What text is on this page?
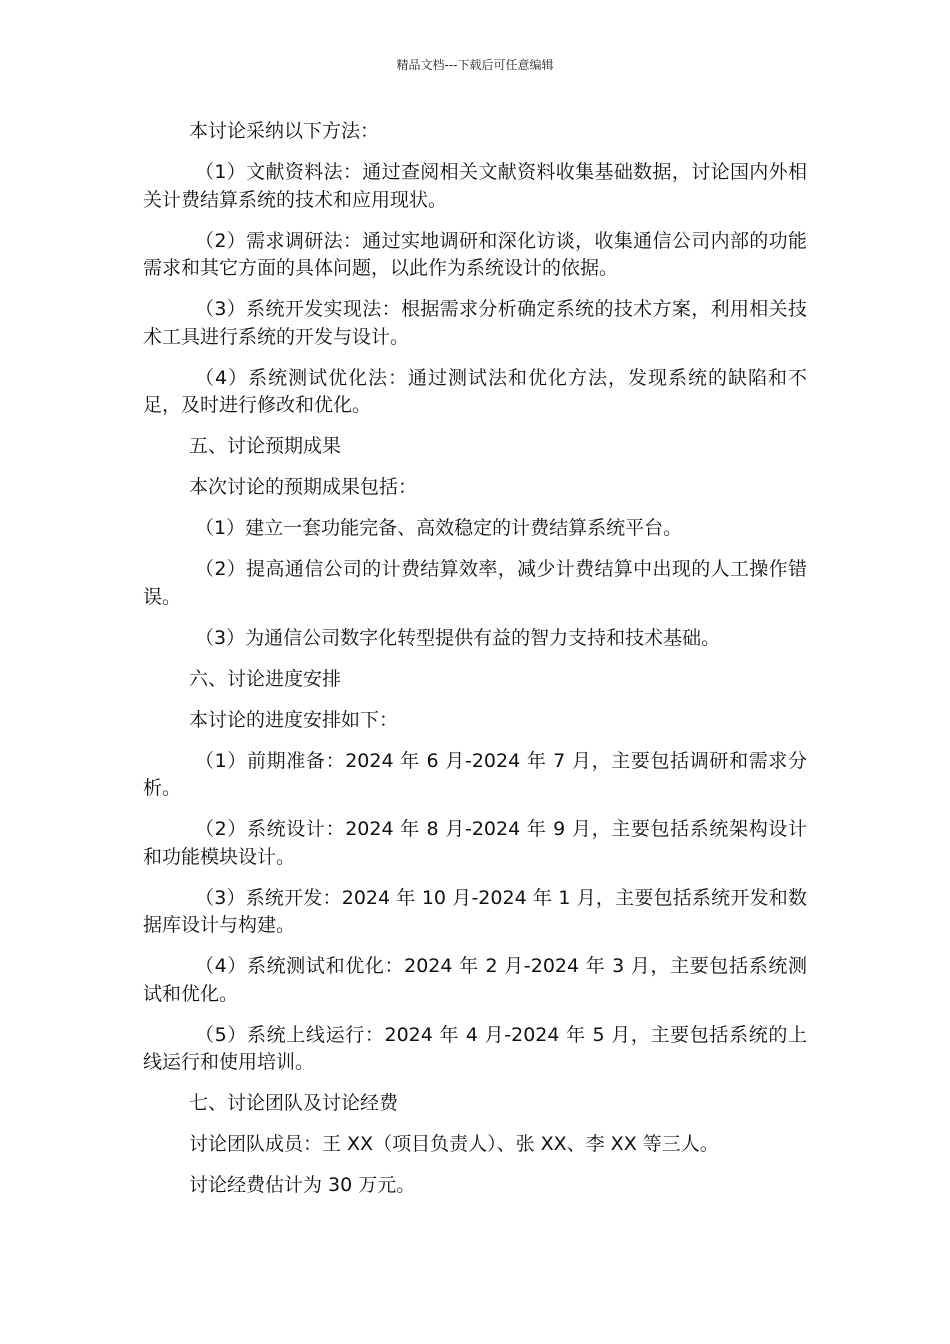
精品文档---下载后可任意编辑

本讨论采纳以下方法：

（1）文献资料法：通过查阅相关文献资料收集基础数据，讨论国内外相关计费结算系统的技术和应用现状。

（2）需求调研法：通过实地调研和深化访谈，收集通信公司内部的功能需求和其它方面的具体问题，以此作为系统设计的依据。

（3）系统开发实现法：根据需求分析确定系统的技术方案，利用相关技术工具进行系统的开发与设计。

（4）系统测试优化法：通过测试法和优化方法，发现系统的缺陷和不足，及时进行修改和优化。

五、讨论预期成果

本次讨论的预期成果包括：

（1）建立一套功能完备、高效稳定的计费结算系统平台。

（2）提高通信公司的计费结算效率，减少计费结算中出现的人工操作错误。

（3）为通信公司数字化转型提供有益的智力支持和技术基础。

六、讨论进度安排

本讨论的进度安排如下：

（1）前期准备：2024 年 6 月-2024 年 7 月，主要包括调研和需求分析。

（2）系统设计：2024 年 8 月-2024 年 9 月，主要包括系统架构设计和功能模块设计。

（3）系统开发：2024 年 10 月-2024 年 1 月，主要包括系统开发和数据库设计与构建。

（4）系统测试和优化：2024 年 2 月-2024 年 3 月，主要包括系统测试和优化。

（5）系统上线运行：2024 年 4 月-2024 年 5 月，主要包括系统的上线运行和使用培训。

七、讨论团队及讨论经费

讨论团队成员：王 XX（项目负责人）、张 XX、李 XX 等三人。

讨论经费估计为 30 万元。
